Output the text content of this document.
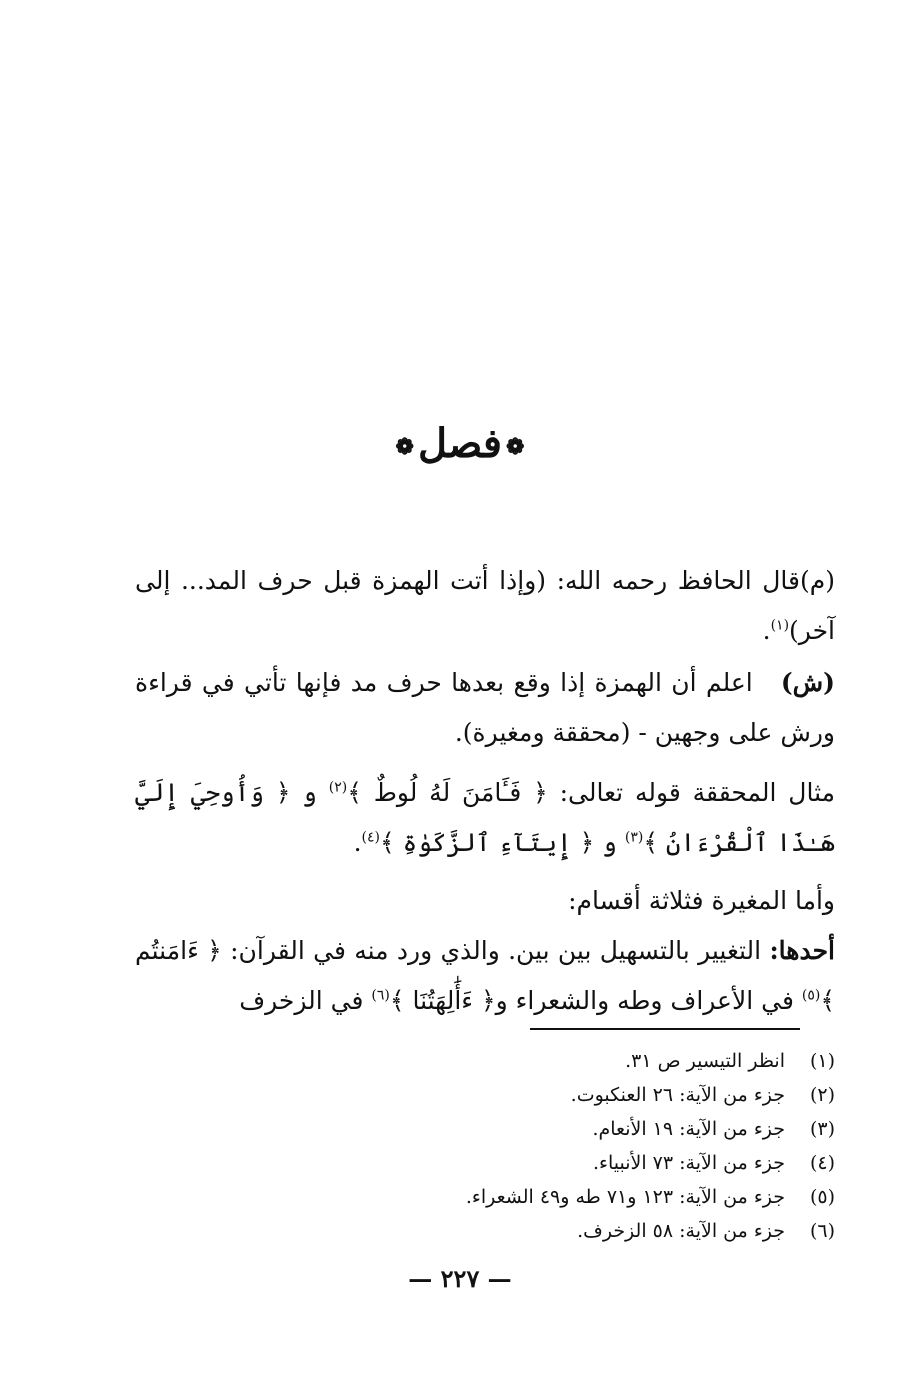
❁فصل❁

(م)قال الحافظ رحمه الله: (وإذا أتت الهمزة قبل حرف المد... إلى آخر)$^{(١)}$.

(ش)   اعلم أن الهمزة إذا وقع بعدها حرف مد فإنها تأتي في قراءة ورش على وجهين - (محققة ومغيرة).

مثال المحققة قوله تعالى: ﴿ فَـَٔامَنَ لَهُ لُوطٌ ﴾$^{(٢)}$ و ﴿ وَأُوحِيَ إِلَيَّ هَـٰذَا ٱلْقُرْءَانُ ﴾$^{(٣)}$ و ﴿ إِيتَآءِ ٱلزَّكَوٰةِ ﴾$^{(٤)}$.

وأما المغيرة فثلاثة أقسام:
أحدها: التغيير بالتسهيل بين بين. والذي ورد منه في القرآن: ﴿ ءَامَنتُم ﴾$^{(٥)}$ في الأعراف وطه والشعراء و﴿ ءَأَٰلِهَتُنَا ﴾$^{(٦)}$ في الزخرف

(١)
انظر التيسير ص ٣١.
(٢)
جزء من الآية: ٢٦ العنكبوت.
(٣)
جزء من الآية: ١٩ الأنعام.
(٤)
جزء من الآية: ٧٣ الأنبياء.
(٥)
جزء من الآية: ١٢٣ و٧١ طه و٤٩ الشعراء.
(٦)
جزء من الآية: ٥٨ الزخرف.
— ٢٢٧ —
